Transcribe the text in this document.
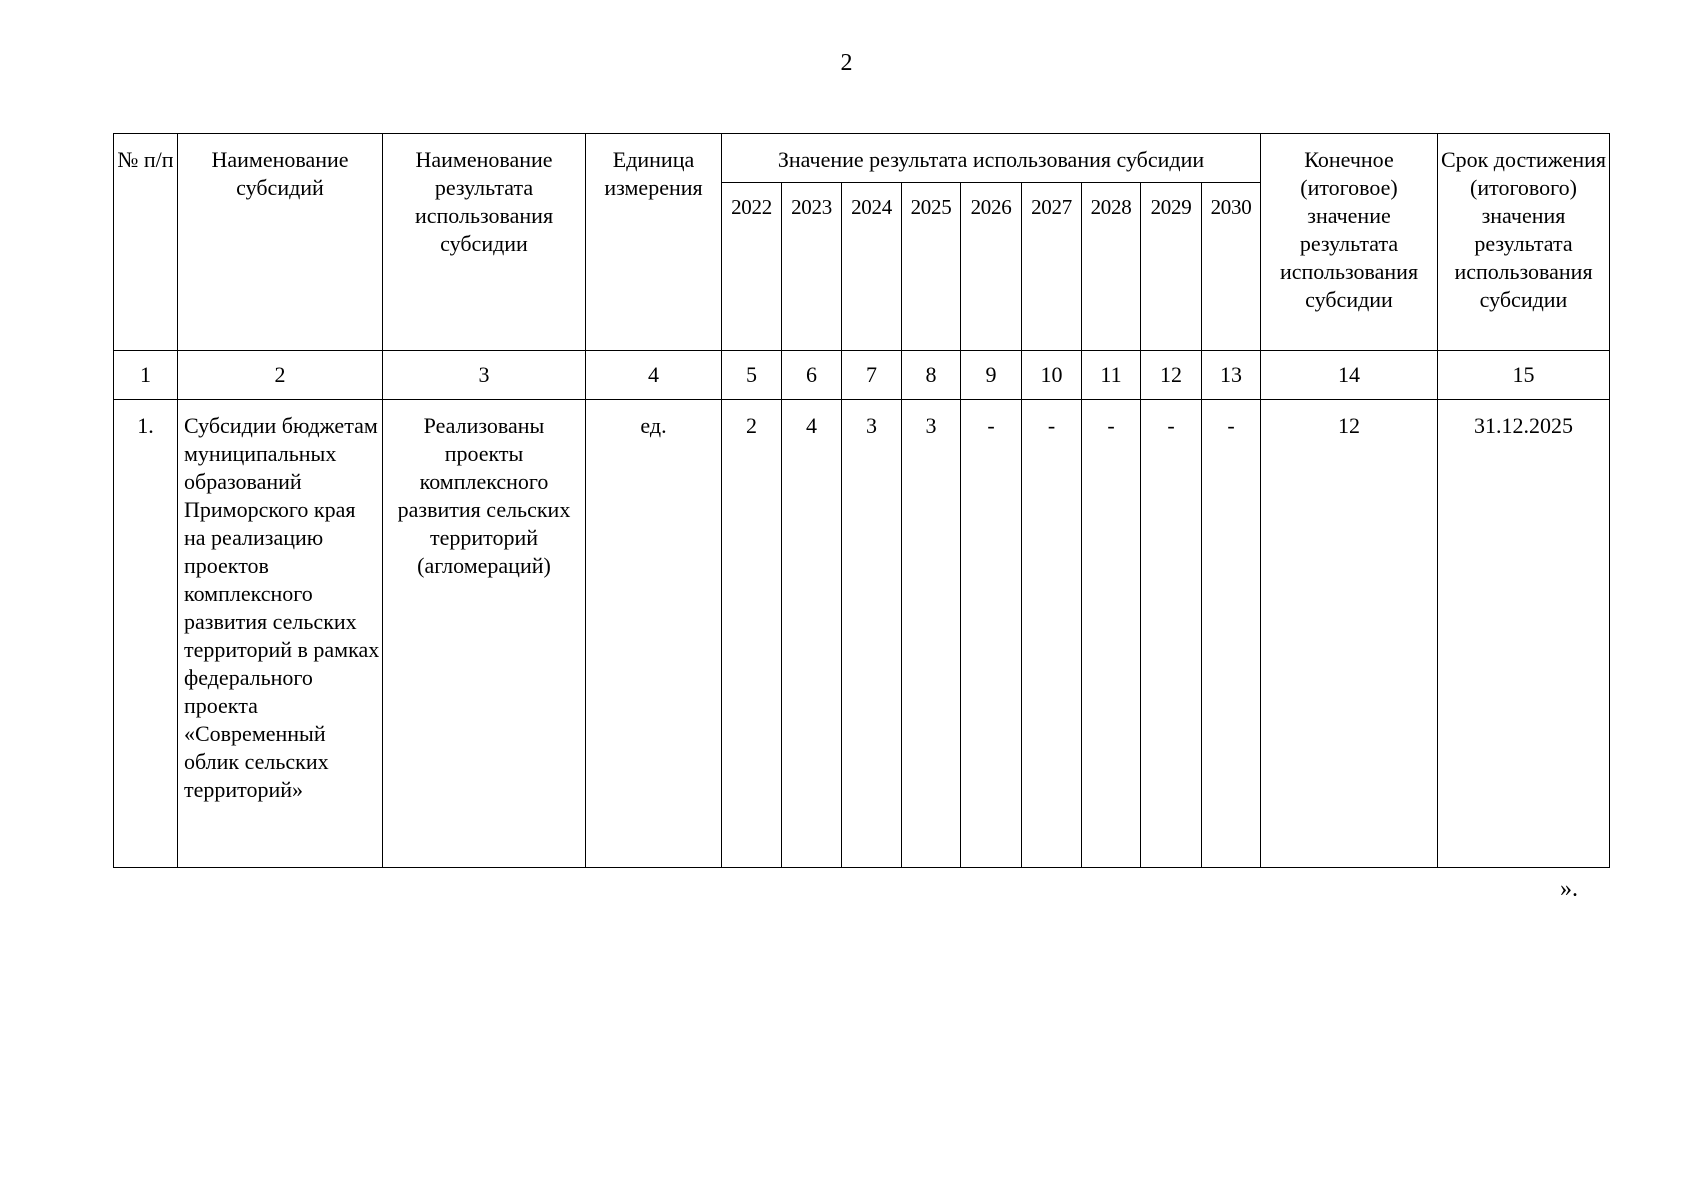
2
№ п/п	Наименование субсидий	Наименование результата использования субсидии	Единица измерения	Значение результата использования субсидии									Конечное (итоговое) значение результата использования субсидии	Срок достижения (итогового) значения результата использования субсидии
				2022	2023	2024	2025	2026	2027	2028	2029	2030		
1	2	3	4	5	6	7	8	9	10	11	12	13	14	15
1.	Субсидии бюджетам муниципальных образований Приморского края на реализацию проектов комплексного развития сельских территорий в рамках федерального проекта «Современный облик сельских территорий»	Реализованы проекты комплексного развития сельских территорий (агломераций)	ед.	2	4	3	3	-	-	-	-	-	12	31.12.2025
».
